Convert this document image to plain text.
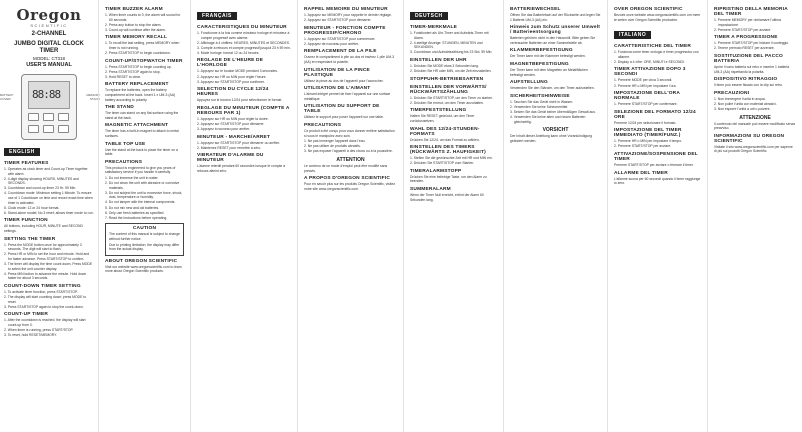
Oregon
SCIENTIFIC
2-CHANNEL
JUMBO DIGITAL CLOCK TIMER
MODEL: CT318
USER'S MANUAL
88:88
BATTERY
COVER
MEMORY
STAND
ENGLISH
TIMER FEATURES
1. Operates as clock timer and Count-up Timer together with alarm.
2. 4-digit display showing HOURS, MINUTES and SECONDS.
3. Countdown and count-up timer 23 Hr. 59 Min.
4. Countdown mode: Minimum setting 1 Minute. To ensure use of 1 Countdown on time and record exact time when timer is activated.
5. Clock mode: 12 or 24 hour format.
6. Stand-alone model: No 3 reset; allows timer mode to run.
TIMER FUNCTION
All buttons, including HOUR, MINUTE and SECOND settings.
SETTING THE TIMER
1. Press the MODE button once for approximately 3 seconds. The digit will start to flash.
2. Press HR or MIN to set the hour and minute. Hold and for faster advance. Press START/STOP to confirm.
3. The timer will display the time count down. Press MODE to select the unit counter display.
4. Press MIN button to advance the minute. Hold down faster for about 3 seconds.
COUNT-DOWN TIMER SETTING
1. To activate timer function, press START/STOP.
2. The display will start counting down; press MODE to reset.
3. Press START/STOP again to stop the count-down.
COUNT-UP TIMER
1. After the countdown is reached, the display will start count-up from 0.
2. When timer is running, press START/STOP.
3. To reset, hold RESET/MEMORY.
TIMER BUZZER ALARM
1. When timer counts to 0, the alarm will sound for 60 seconds.
2. Press any button to stop the alarm.
3. Count-up will continue after the alarm.
TIMER MEMORY RECALL
1. To recall the last setting, press MEMORY when timer is not running.
2. Press START/STOP to begin countdown.
COUNT-UP/STOPWATCH TIMER
1. Press START/STOP to begin counting up.
2. Press START/STOP again to stop.
3. Hold RESET to clear.
BATTERY REPLACEMENT
To replace the batteries, open the battery compartment at the back. Insert 1 x UM-3 (AA) battery according to polarity.
THE STAND
The timer can stand on any flat surface using the stand at the back.
MAGNETIC ATTACHMENT
The timer has a built-in magnet to attach to metal surfaces.
TABLE TOP USE
Use the stand at the back to place the timer on a table.
PRECAUTIONS
This product is engineered to give you years of satisfactory service if you handle it carefully.
1. Do not immerse the unit in water.
2. Do not clean the unit with abrasive or corrosive materials.
3. Do not subject the unit to excessive force, shock, dust, temperature or humidity.
4. Do not tamper with the internal components.
5. Do not mix new and old batteries.
6. Only use fresh batteries as specified.
7. Read the instructions before operating.
CAUTION
The content of this manual is subject to change without further notice.
Due to printing limitation, the display may differ from the actual display.
ABOUT OREGON SCIENTIFIC
Visit our website www.oregonscientific.com to learn more about Oregon Scientific products.
FRANÇAIS
CARACTERISTIQUES DU MINUTEUR
1. Fonctionne à la fois comme minuteur horloge et minuteur à compte progressif avec alarme.
2. Affichage à 4 chiffres: HEURES, MINUTES et SECONDES.
3. Compte à rebours et compte progressif jusqu'à 23 h 59 min.
4. Mode horloge: format 12 ou 24 heures.
REGLAGE DE L'HEURE DE L'HORLOGE
1. Appuyez sur le bouton MODE pendant 3 secondes.
2. Appuyez sur HR ou MIN pour régler l'heure.
3. Appuyez sur START/STOP pour confirmer.
SELECTION DU CYCLE 12/24 HEURES
Appuyez sur le bouton 12/24 pour sélectionner le format.
REGLAGE DU MINUTEUR (COMPTE A REBOURS PAR 1)
1. Appuyez sur HR ou MIN pour régler la durée.
2. Appuyez sur START/STOP pour démarrer.
3. Appuyez à nouveau pour arrêter.
MINUTEUR - MARCHE/ARRET
1. Appuyez sur START/STOP pour démarrer ou arrêter.
2. Maintenez RESET pour remettre à zéro.
VIBRATEUR D'ALARME DU MINUTEUR
L'alarme retentit pendant 60 secondes lorsque le compte à rebours atteint zéro.
RAPPEL MEMOIRE DU MINUTEUR
1. Appuyez sur MEMORY pour rappeler le dernier réglage.
2. Appuyez sur START/STOP pour démarrer.
MINUTEUR - FONCTION COMPTE PROGRESSIF/CHRONO
1. Appuyez sur START/STOP pour commencer.
2. Appuyez de nouveau pour arrêter.
REMPLACEMENT DE LA PILE
Ouvrez le compartiment à pile au dos et insérez 1 pile UM-3 (AA) en respectant la polarité.
UTILISATION DE LA PINCE PLASTIQUE
Utilisez la pince au dos de l'appareil pour l'accrocher.
UTILISATION DE L'AIMANT
L'aimant intégré permet de fixer l'appareil sur une surface métallique.
UTILISATION DU SUPPORT DE TABLE
Utilisez le support pour poser l'appareil sur une table.
PRECAUTIONS
Ce produit a été conçu pour vous donner entière satisfaction si vous le manipulez avec soin.
1. Ne pas immerger l'appareil dans l'eau.
2. Ne pas utiliser de produits abrasifs.
3. Ne pas exposer l'appareil à des chocs ou à la poussière.
ATTENTION
Le contenu de ce mode d'emploi peut être modifié sans préavis.
A PROPOS D'OREGON SCIENTIFIC
Pour en savoir plus sur les produits Oregon Scientific, visitez notre site www.oregonscientific.com.
DEUTSCH
TIMER-MERKMALE
1. Funktioniert als Uhr-Timer und Aufwärts-Timer mit Alarm.
2. 4-stellige Anzeige: STUNDEN, MINUTEN und SEKUNDEN.
3. Countdown und Aufwärtszählung bis 23 Std. 59 Min.
EINSTELLEN DER UHR
1. Drücken Sie MODE etwa 3 Sekunden lang.
2. Drücken Sie HR oder MIN, um die Zeit einzustellen.
STOPPUHR-BETRIEBSARTEN
EINSTELLEN DER VORWÄRTS/ RÜCKWÄRTSZÄHLUNG
1. Drücken Sie START/STOP, um den Timer zu starten.
2. Drücken Sie erneut, um den Timer anzuhalten.
TIMERFESTSTELLUNG
Halten Sie RESET gedrückt, um den Timer zurückzusetzen.
WAHL DES 12/24-STUNDEN-FORMATS
Drücken Sie 12/24, um das Format zu wählen.
EINSTELLEN DES TIMERS (RÜCKWÄRTS Z. HAUFIGKEIT)
1. Stellen Sie die gewünschte Zeit mit HR und MIN ein.
2. Drücken Sie START/STOP zum Starten.
TIMERALARMSTOPP
Drücken Sie eine beliebige Taste, um den Alarm zu beenden.
SUMMERALARM
Wenn der Timer Null erreicht, ertönt der Alarm 60 Sekunden lang.
BATTERIEWECHSEL
Öffnen Sie das Batteriefach auf der Rückseite und legen Sie 1 Batterie UM-3 (AA) ein.
Hinweis zum Schutz unserer Umwelt / Batterieentsorgung
Batterien gehören nicht in den Hausmüll. Bitte geben Sie verbrauchte Batterien an einer Sammelstelle ab.
KLAMMERBEFESTIGUNG
Der Timer kann mit der Klammer befestigt werden.
MAGNETBEFESTIGUNG
Der Timer kann mit dem Magneten an Metallflächen befestigt werden.
AUFSTELLUNG
Verwenden Sie den Ständer, um den Timer aufzustellen.
SICHERHEITSHINWEISE
1. Tauchen Sie das Gerät nicht in Wasser.
2. Verwenden Sie keine Scheuermittel.
3. Setzen Sie das Gerät keiner übermäßigen Gewalt aus.
4. Verwenden Sie keine alten und neuen Batterien gleichzeitig.
VORSICHT
Der Inhalt dieser Anleitung kann ohne Vorankündigung geändert werden.
OVER OREGON SCIENTIFIC
Bezoek onze website www.oregonscientific.com om meer te weten over Oregon Scientific producten.
ITALIANO
CARATTERISTICHE DEL TIMER
1. Funziona come timer orologio e timer progressivo con allarme.
2. Display a 4 cifre: ORE, MINUTI e SECONDI.
TIMER ATTIVAZIONE DOPO 3 SECONDI
1. Premere MODE per circa 3 secondi.
2. Premere HR o MIN per impostare l'ora.
IMPOSTAZIONE DELL'ORA NORMALE
1. Premere START/STOP per confermare.
SELEZIONE DEL FORMATO 12/24 ORE
Premere 12/24 per selezionare il formato.
IMPOSTAZIONE DEL TIMER IMMEDIATO (TIMER/FUNZ.)
1. Premere HR o MIN per impostare il tempo.
2. Premere START/STOP per avviare.
ATTIVAZIONE/SOSPENSIONE DEL TIMER
Premere START/STOP per avviare o fermare il timer.
ALLARME DEL TIMER
L'allarme suona per 60 secondi quando il timer raggiunge lo zero.
RIPRISTINO DELLA MEMORIA DEL TIMER
1. Premere MEMORY per richiamare l'ultima impostazione.
2. Premere START/STOP per avviare.
TIMER A PROGRESSIONE
1. Premere START/STOP per iniziare il conteggio.
2. Tenere premuto RESET per azzerare.
SOSTITUZIONE DEL PACCO BATTERIA
Aprire il vano batteria sul retro e inserire 1 batteria UM-3 (AA) rispettando la polarità.
DISPOSITIVO RITRAGGIO
Il timer può essere fissato con la clip sul retro.
PRECAUZIONI
1. Non immergere l'unità in acqua.
2. Non pulire l'unità con materiali abrasivi.
3. Non esporre l'unità a urti o polvere.
ATTENZIONE
Il contenuto del manuale può essere modificato senza preavviso.
INFORMAZIONI SU OREGON SCIENTIFIC
Visitate il sito www.oregonscientific.com per saperne di più sui prodotti Oregon Scientific.
